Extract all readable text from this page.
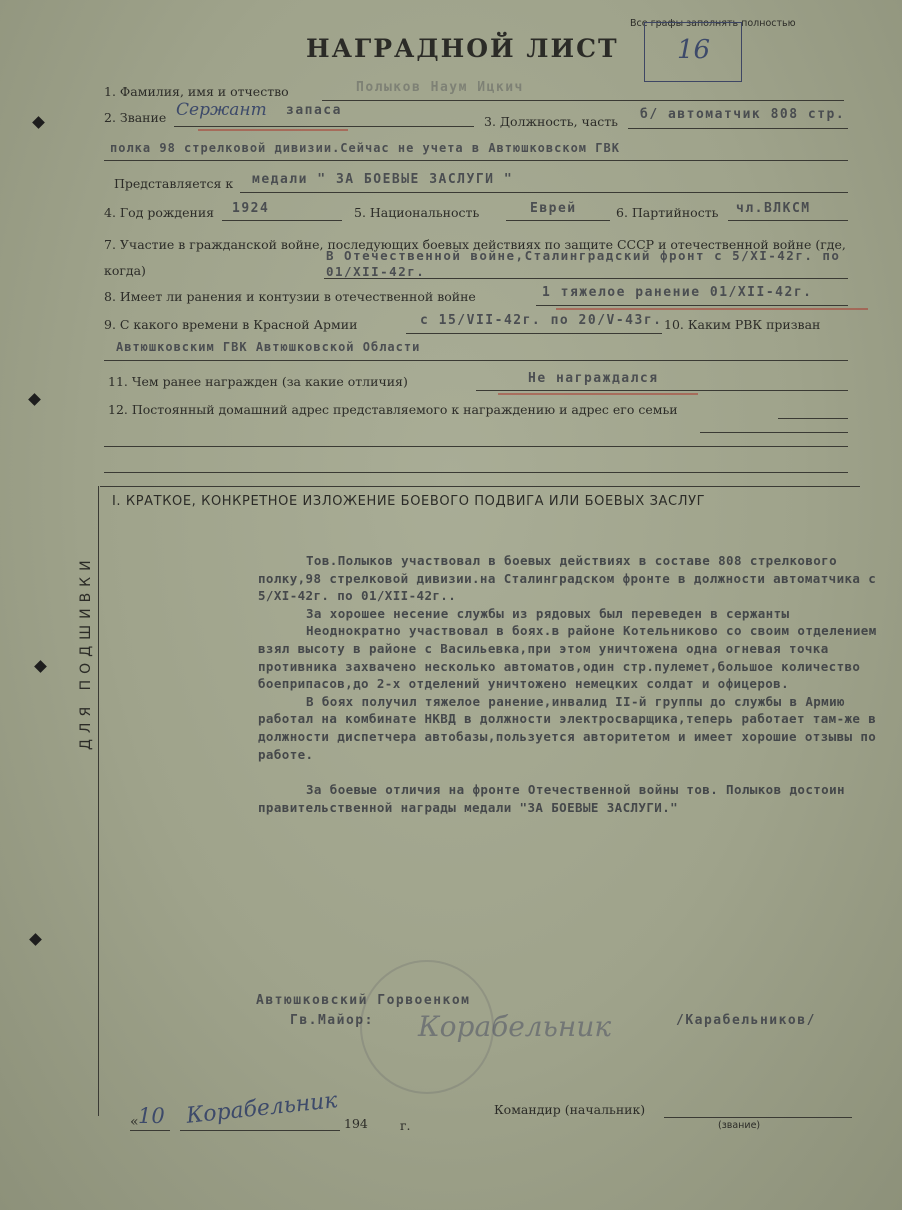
Все графы заполнять полностью
НАГРАДНОЙ ЛИСТ 16
1. Фамилия, имя и отчество	Полыков Наум Ицкич
2. Звание Сержант запаса
3. Должность, часть б/ автоматчик 808 стр.
полка 98 стрелковой дивизии.Сейчас не учета в Автюшковском ГВК
Представляется к медали " ЗА БОЕВЫЕ ЗАСЛУГИ "
4. Год рождения 1924	5. Национальность	Еврей	6. Партийность чл.ВЛКСМ
7. Участие в гражданской войне, последующих боевых действиях по защите СССР и отечественной войне (где, когда)
В Отечественной войне,Сталинградский фронт с 5/XI-42г. по 01/XII-42г.
8. Имеет ли ранения и контузии в отечественной войне	1 тяжелое ранение 01/XII-42г.
9. С какого времени в Красной Армии	с 15/VII-42г. по 20/V-43г. 10. Каким РВК призван
Автюшковским ГВК Автюшковской Области
11. Чем ранее награжден (за какие отличия)	Не награждался
12. Постоянный домашний адрес представляемого к награждению и адрес его семьи
ДЛЯ ПОДШИВКИ
I. КРАТКОЕ, КОНКРЕТНОЕ ИЗЛОЖЕНИЕ БОЕВОГО ПОДВИГА ИЛИ БОЕВЫХ ЗАСЛУГ

Тов.Полыков участвовал в боевых действиях в составе 808 стрелкового полку,98 стрелковой дивизии.на Сталинградском фронте в должности автоматчика с 5/XI-42г. по 01/XII-42г..

За хорошее несение службы из рядовых был переведен в сержанты

Неоднократно участвовал в боях.в районе Котельниково со своим отделением взял высоту в районе с Васильевка,при этом уничтожена одна огневая точка противника захвачено несколько автоматов,один стр.пулемет,большое количество боеприпасов,до 2-х отделений уничтожено немецких солдат и офицеров.

В боях получил тяжелое ранение,инвалид II-й группы до службы в Армию работал на комбинате НКВД в должности электросварщика,теперь работает там-же в должности диспетчера автобазы,пользуется авторитетом и имеет хорошие отзывы по работе.

За боевые отличия на фронте Отечественной войны тов. Полыков достоин правительственной награды медали "ЗА БОЕВЫЕ ЗАСЛУГИ."

Автюшковский Горвоенком
Гв.Майор: Корабельник	/Карабельников/
« 10 Корабельник 194	г.
Командир (начальник)
(звание)
